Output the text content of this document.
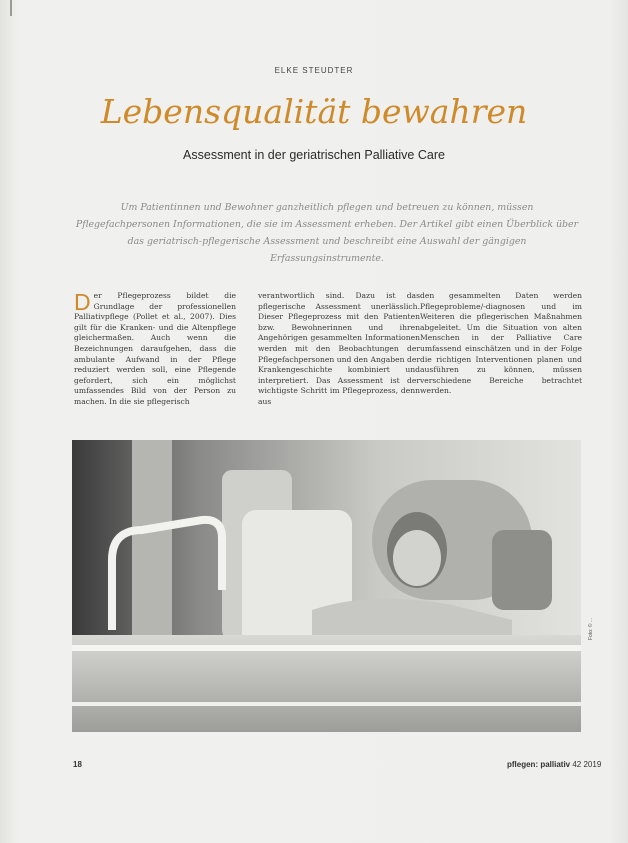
ELKE STEUDTER
Lebensqualität bewahren
Assessment in der geriatrischen Palliative Care
Um Patientinnen und Bewohner ganzheitlich pflegen und betreuen zu können, müssen Pflegefachpersonen Informationen, die sie im Assessment erheben. Der Artikel gibt einen Überblick über das geriatrisch-pflegerische Assessment und beschreibt eine Auswahl der gängigen Erfassungsinstrumente.
Der Pflegeprozess bildet die Grundlage der professionellen Palliativpflege (Pollet et al., 2007). Dies gilt für die Kranken- und die Altenpflege gleichermaßen. Auch wenn die Bezeichnungen daraufgehen, dass die ambulante Aufwand in der Pflege reduziert werden soll, eine Pflegende gefordert, sich ein möglichst umfassendes Bild von der Person zu machen. In die sie pflegerisch
verantwortlich sind. Dazu ist das pflegerische Assessment unerlässlich. Dieser Pflegeprozess mit den Patienten bzw. Bewohnerinnen und ihren Angehörigen gesammelten Informationen werden mit den Beobachtungen der Pflegefachpersonen und den Angaben der Krankengeschichte kombiniert und interpretiert. Das Assessment ist der wichtigste Schritt im Pflegeprozess, denn aus
den gesammelten Daten werden Pflegeprobleme/-diagnosen und im Weiteren die pflegerischen Maßnahmen abgeleitet. Um die Situation von alten Menschen in der Palliative Care umfassend einschätzen und in der Folge die richtigen Interventionen planen und ausführen zu können, müssen verschiedene Bereiche betrachtet werden.
Foto: © ...
18	pflegen: palliativ 42 2019
